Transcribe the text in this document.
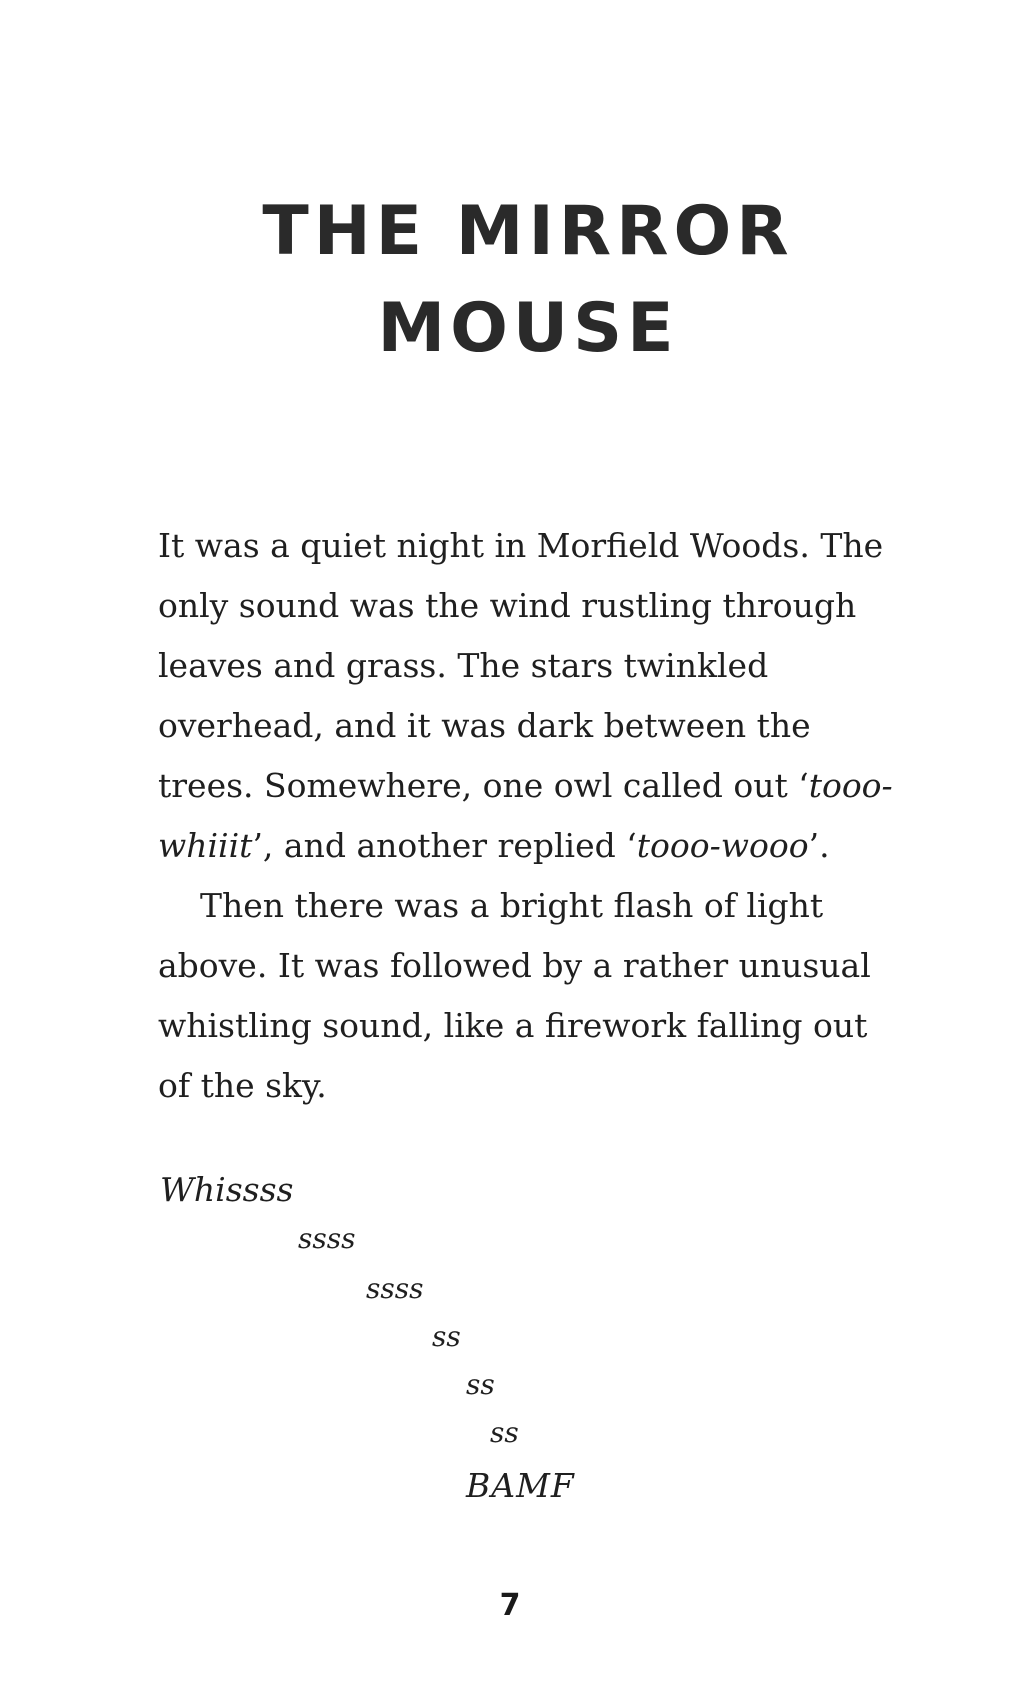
THE MIRROR
MOUSE

It was a quiet night in Morfield Woods. The

only sound was the wind rustling through

leaves and grass. The stars twinkled

overhead, and it was dark between the

trees. Somewhere, one owl called out ‘tooo-

whiiit’, and another replied ‘tooo-wooo’.

Then there was a bright flash of light

above. It was followed by a rather unusual

whistling sound, like a firework falling out

of the sky.

Whissss
ssss
ssss
ss
ss
ss
BAMF
7
